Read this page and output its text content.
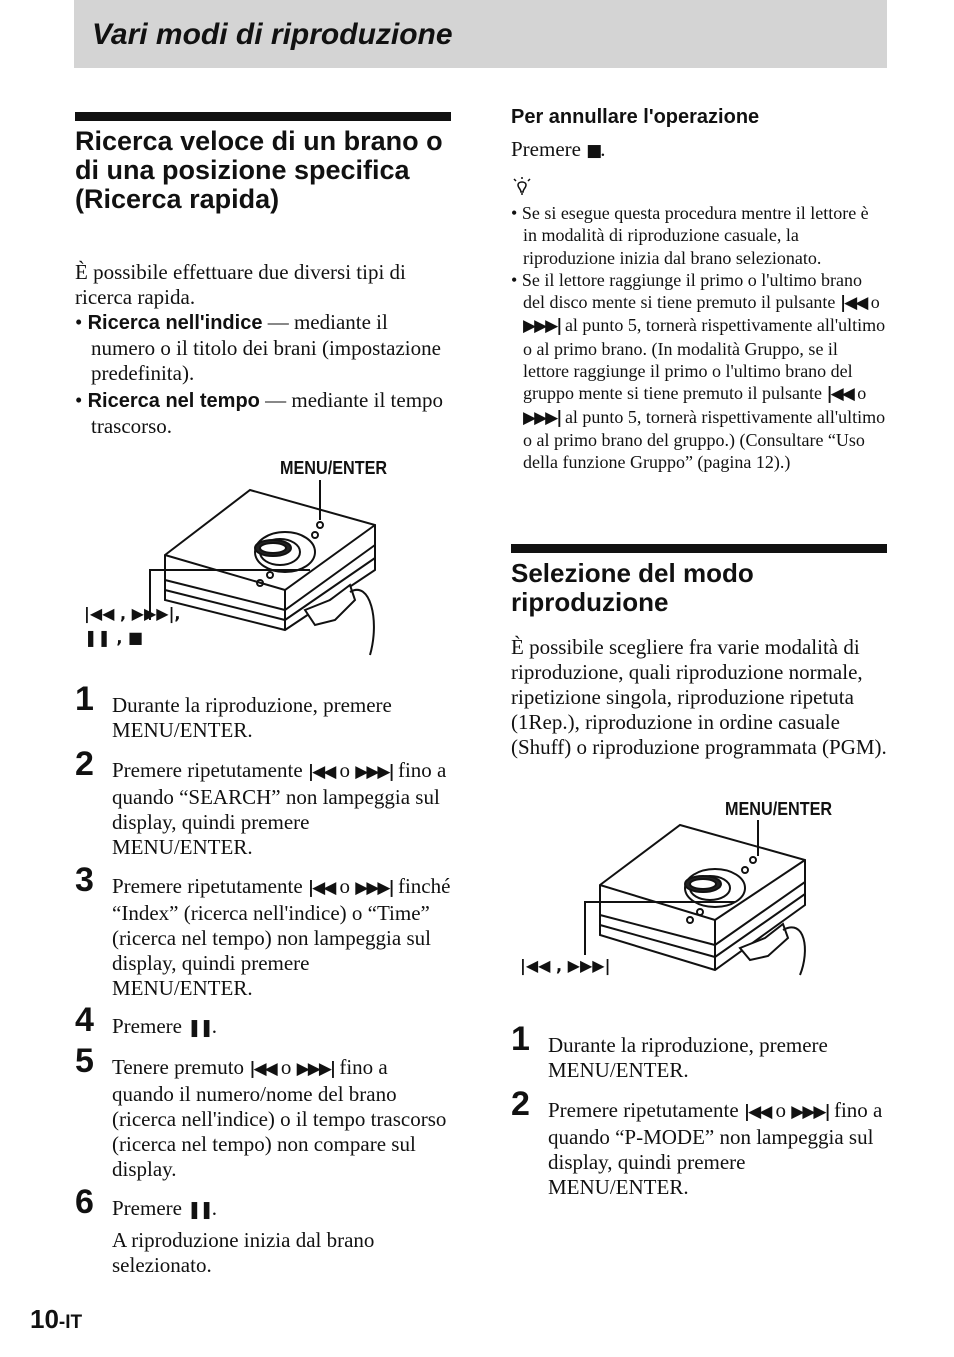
Vari modi di riproduzione
Ricerca veloce di un brano o di una posizione specifica (Ricerca rapida)

È possibile effettuare due diversi tipi di ricerca rapida.

• Ricerca nell'indice — mediante il numero o il titolo dei brani (impostazione predefinita).

• Ricerca nel tempo — mediante il tempo trascorso.

MENU/ENTER
|◀◀ , ▶▶▶|,
❚❚ , ■
1 Durante la riproduzione, premere MENU/ENTER.

2 Premere ripetutamente |◀◀ o ▶▶▶| fino a quando “SEARCH” non lampeggia sul display, quindi premere MENU/ENTER.

3 Premere ripetutamente |◀◀ o ▶▶▶| finché “Index” (ricerca nell'indice) o “Time” (ricerca nel tempo) non lampeggia sul display, quindi premere MENU/ENTER.

4 Premere ❚❚.

5 Tenere premuto |◀◀ o ▶▶▶| fino a quando il numero/nome del brano (ricerca nell'indice) o il tempo trascorso (ricerca nel tempo) non compare sul display.

6 Premere ❚❚.

A riproduzione inizia dal brano selezionato.

Per annullare l'operazione
Premere ■.

• Se si esegue questa procedura mentre il lettore è in modalità di riproduzione casuale, la riproduzione inizia dal brano selezionato.

• Se il lettore raggiunge il primo o l'ultimo brano del disco mente si tiene premuto il pulsante |◀◀ o ▶▶▶| al punto 5, tornerà rispettivamente all'ultimo o al primo brano. (In modalità Gruppo, se il lettore raggiunge il primo o l'ultimo brano del gruppo mente si tiene premuto il pulsante |◀◀ o ▶▶▶| al punto 5, tornerà rispettivamente all'ultimo o al primo brano del gruppo.) (Consultare “Uso della funzione Gruppo” (pagina 12).)

Selezione del modo riproduzione
È possibile scegliere fra varie modalità di riproduzione, quali riproduzione normale, ripetizione singola, riproduzione ripetuta (1Rep.), riproduzione in ordine casuale (Shuff) o riproduzione programmata (PGM).
MENU/ENTER
|◀◀ , ▶▶▶|
1 Durante la riproduzione, premere MENU/ENTER.

2 Premere ripetutamente |◀◀ o ▶▶▶| fino a quando “P-MODE” non lampeggia sul display, quindi premere MENU/ENTER.

10-IT
